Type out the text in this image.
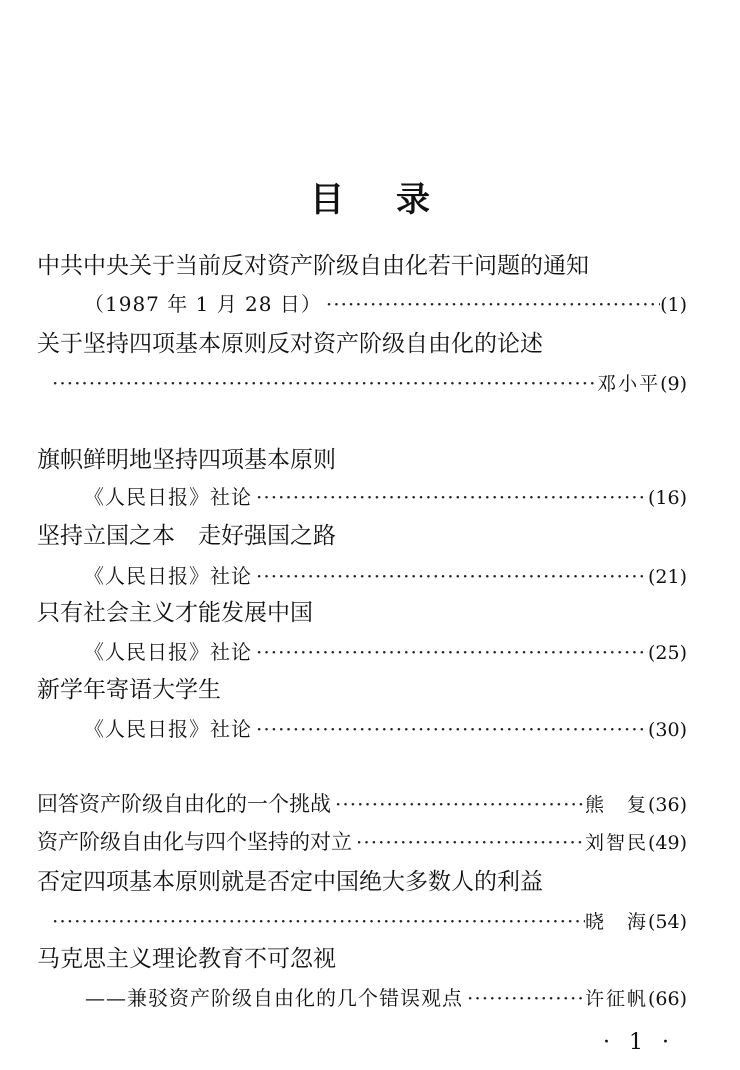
目录
中共中央关于当前反对资产阶级自由化若干问题的通知
（1987 年 1 月 28 日） ·····	(1)
关于坚持四项基本原则反对资产阶级自由化的论述
·····
邓小平 (9)
旗帜鲜明地坚持四项基本原则
《人民日报》社论 ·····	(16)
坚持立国之本　走好强国之路
《人民日报》社论 ·····	(21)
只有社会主义才能发展中国
《人民日报》社论 ·····	(25)
新学年寄语大学生
《人民日报》社论 ·····	(30)
回答资产阶级自由化的一个挑战 ·····	熊　复 (36)
资产阶级自由化与四个坚持的对立 ·····	刘智民 (49)
否定四项基本原则就是否定中国绝大多数人的利益
·····
晓　海 (54)
马克思主义理论教育不可忽视
——兼驳资产阶级自由化的几个错误观点 ·····	许征帆 (66)
· 1 ·
